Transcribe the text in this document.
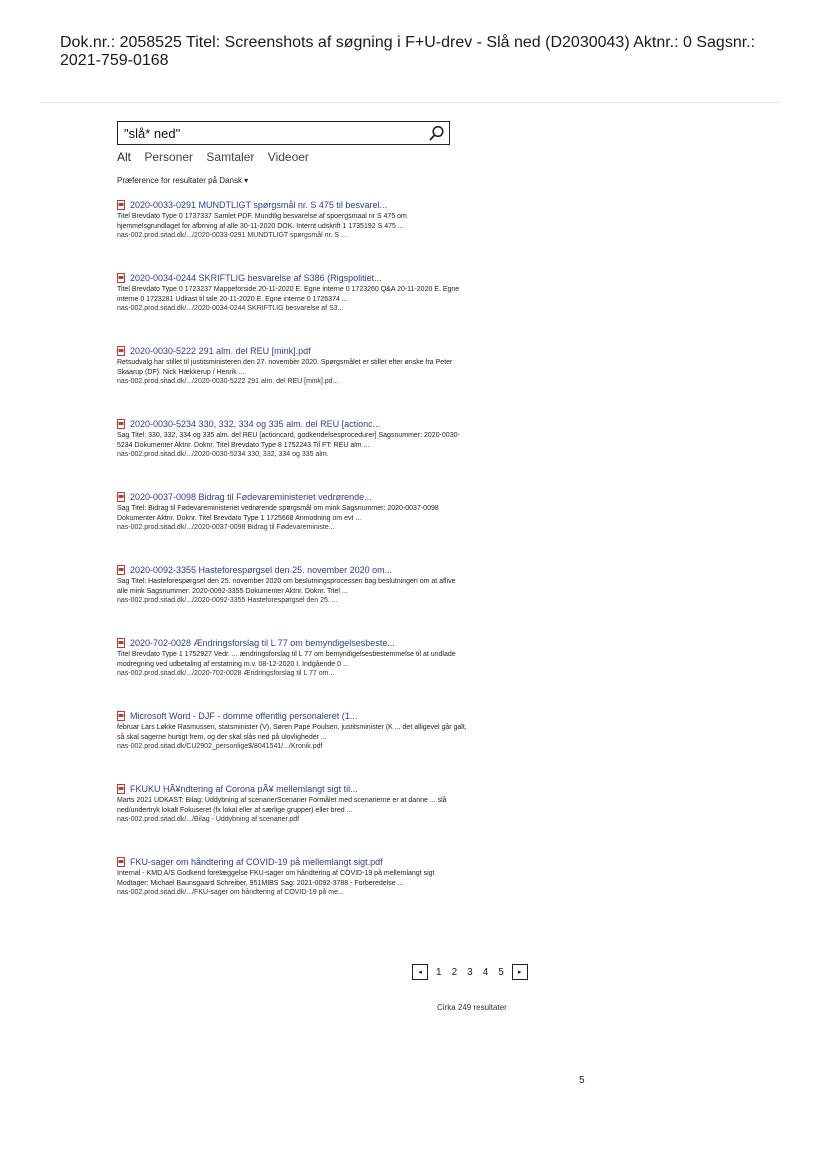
Dok.nr.: 2058525 Titel: Screenshots af søgning i F+U-drev - Slå ned (D2030043) Aktnr.: 0 Sagsnr.: 2021-759-0168
"slå* ned"
Alt Personer Samtaler Videoer
Præference for resultater på Dansk ▾
2020-0033-0291 MUNDTLIGT spørgsmål nr. S 475 til besvarel...
Titel Brevdato Type 0 1737337 Samlet PDF. Mundtlig besvarelse af spoergsmaal nr S 475 om hjemmelsgrundlaget for afbrning af alle 30-11-2020 DOK. Internt udskrift 1 1735192 S 475 ...
nas-002.prod.sitad.dk/.../2020-0033-0291 MUNDTLIGT spørgsmål nr. S ...
2020-0034-0244 SKRIFTLIG besvarelse af S386 (Rigspolitiet...
Titel Brevdato Type 0 1723237 Mappeforside 20-11-2020 E. Egne interne 0 1723260 Q&A 20-11-2020 E. Egne interne 0 1723281 Udkast til tale 20-11-2020 E. Egne interne 0 1726374 ...
nas-002.prod.sitad.dk/.../2020-0034-0244 SKRIFTLIG besvarelse af S3...
2020-0030-5222 291 alm. del REU [mink].pdf
Retsudvalg har stillet til justitsministeren den 27. november 2020. Spørgsmålet er stillet efter ønske fra Peter Skaarup (DF). Nick Hækkerup / Henrik ...
nas-002.prod.sitad.dk/.../2020-0030-5222 291 alm. del REU [mink].pd...
2020-0030-5234 330, 332, 334 og 335 alm. del REU [actionc...
Sag Titel: 330, 332, 334 og 335 alm. del REU [actioncard, godkendelsesprocedurer] Sagsnummer: 2020-0030-5234 Dokumenter Aktnr. Doknr. Titel Brevdato Type 8 1752243 Til FT: REU alm ...
nas-002.prod.sitad.dk/.../2020-0030-5234 330, 332, 334 og 335 alm.
2020-0037-0098 Bidrag til Fødevareministeriet vedrørende...
Sag Titel: Bidrag til Fødevareministeriet vedrørende spørgsmål om mink Sagsnummer: 2020-0037-0098 Dokumenter Aktnr. Doknr. Titel Brevdato Type 1 1725668 Anmodning om evt ...
nas-002.prod.sitad.dk/.../2020-0037-0098 Bidrag til Fødevareministe...
2020-0092-3355 Hasteforespørgsel den 25. november 2020 om...
Sag Titel: Hasteforespørgsel den 25. november 2020 om beslutningsprocessen bag beslutningen om at aflive alle mink Sagsnummer: 2020-0092-3355 Dokumenter Aktnr. Doknr. Titel ...
nas-002.prod.sitad.dk/.../2020-0092-3355 Hasteforespørgsel den 25. ...
2020-702-0028 Ændringsforslag til L 77 om bemyndigelsesbeste...
Titel Brevdato Type 1 1752927 Vedr. ... ændringsforslag til L 77 om bemyndigelsesbestemmelse til at undlade modregning ved udbetaling af erstatning m.v. 08-12-2020 I. Indgående 0 ...
nas-002.prod.sitad.dk/.../2020-702-0028 Ændringsforslag til L 77 om...
Microsoft Word - DJF - domme offentlig personaleret (1...
februar Lars Løkke Rasmussen, statsminister (V), Søren Pape Poulsen, justitsminister (K ... det alligevel går galt, så skal sagerne hurtigt frem, og der skal slås ned på ulovligheder ...
nas-002.prod.sitad.dk/CU2902_personlige$/8041541/.../Kronik.pdf
FKUKU HÃ¥ndtering af Corona pÃ¥ mellemlangt sigt til...
Marts 2021 UDKAST: Bilag: Uddybning af scenarierScenarier Formålet med scenarierne er at danne ... slå ned/undertryk lokalt Fokuseret (fx lokal eller af særlige grupper) eller bred ...
nas-002.prod.sitad.dk/.../Bilag - Uddybning af scenarier.pdf
FKU-sager om håndtering af COVID-19 på mellemlangt sigt.pdf
Internal - KMD A/S Godkend forelæggelse FKU-sager om håndtering af COVID-19 på mellemlangt sigt Modtager: Michael Baunsgaard Schreiber, 951MIBS Sag: 2021-0092-3788 - Forberedelse ...
nas-002.prod.sitad.dk/.../FKU-sager om håndtering af COVID-19 på me...
◂	1 2 3 4 5	▸
Cirka 249 resultater
5
